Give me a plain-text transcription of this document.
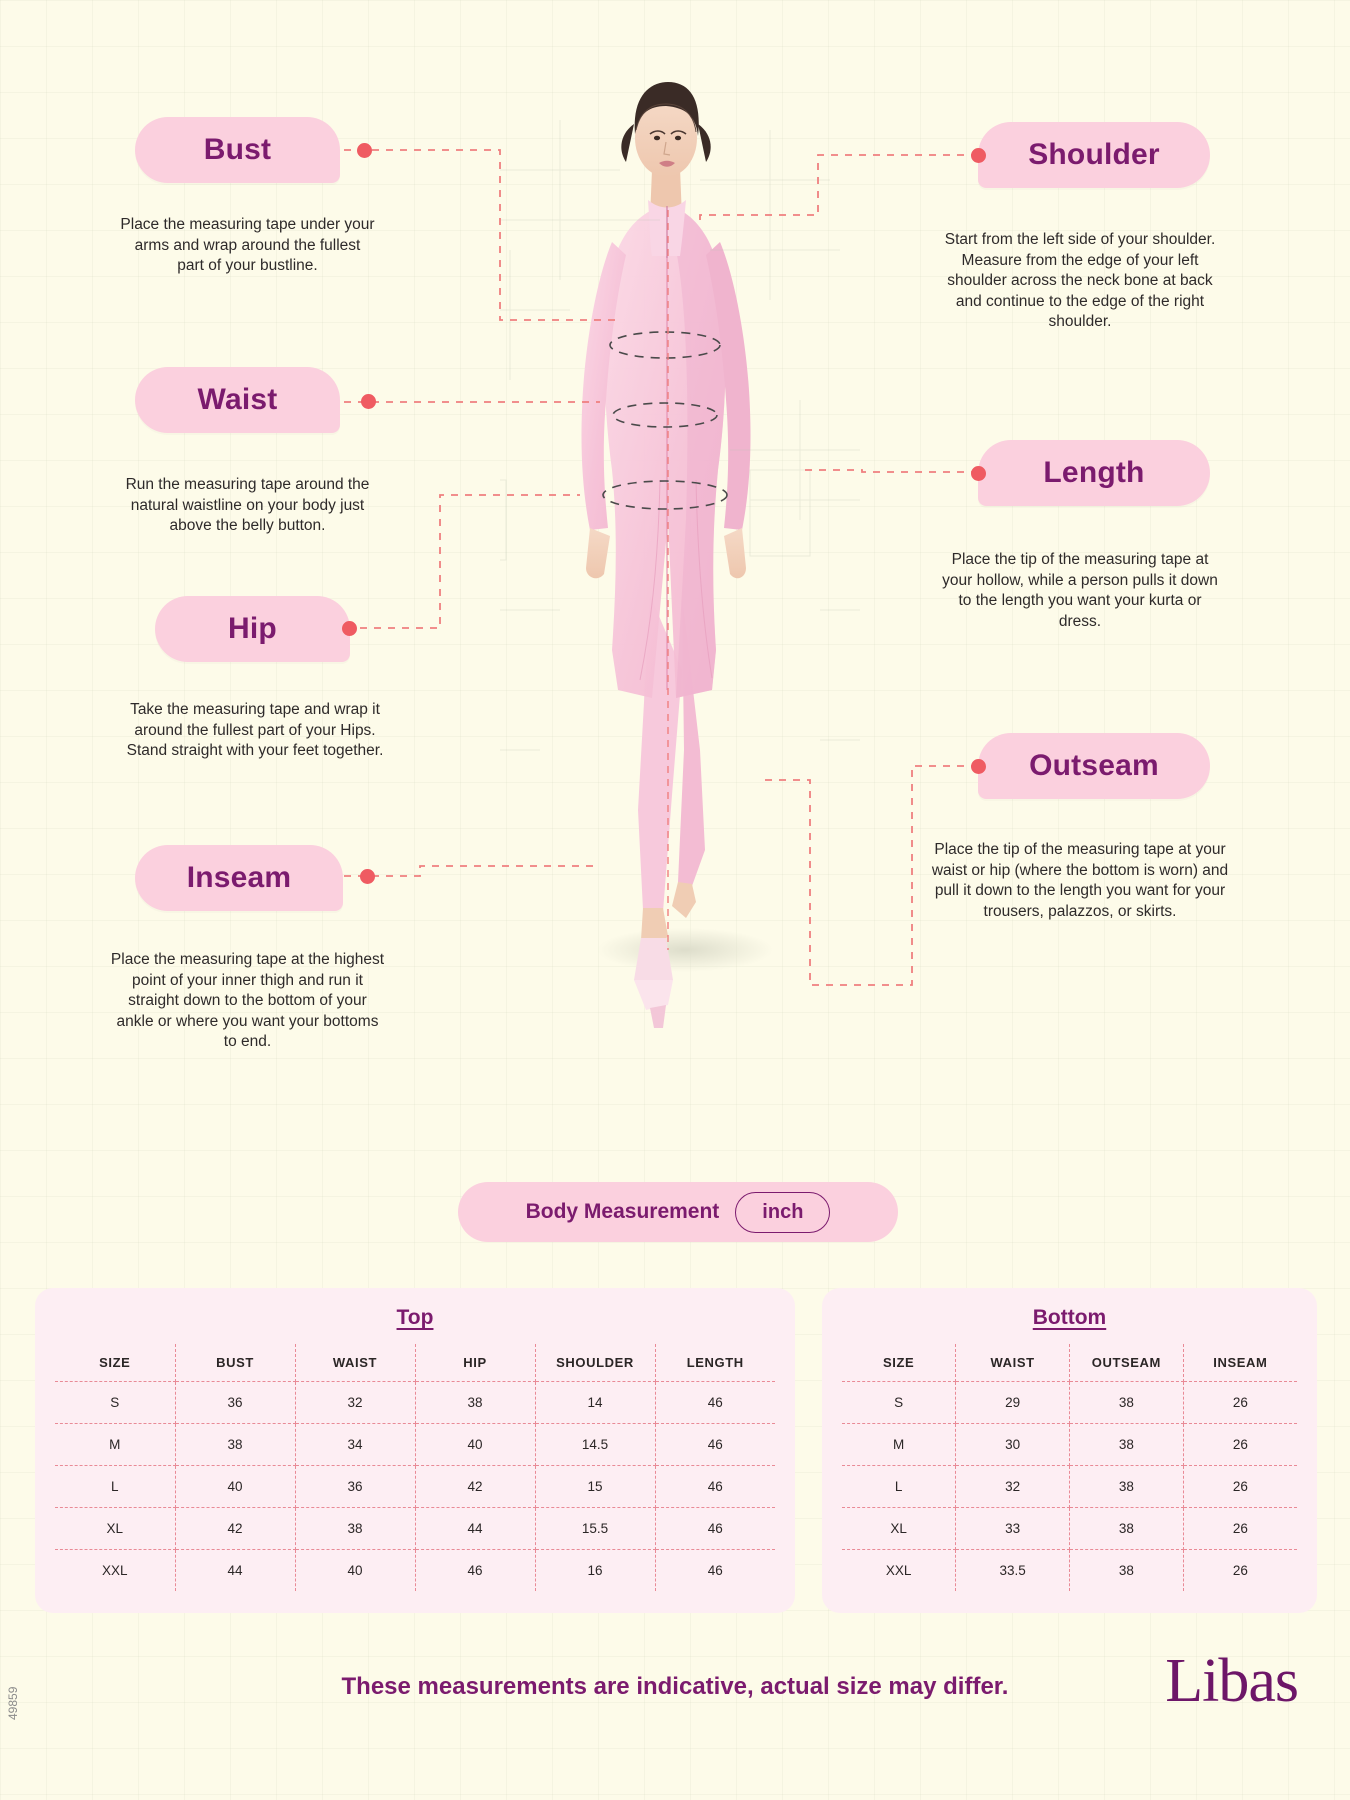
Bust
Place the measuring tape under your arms and wrap around the fullest part of your bustline.
Waist
Run the measuring tape around the natural waistline on your body just above the belly button.
Hip
Take the measuring tape and wrap it around the fullest part of your Hips. Stand straight with your feet together.
Inseam
Place the measuring tape at the highest point of your inner thigh and run it straight down to the bottom of your ankle or where you want your bottoms to end.
Shoulder
Start from the left side of your shoulder. Measure from the edge of your left shoulder across the neck bone at back and continue to the edge of the right shoulder.
Length
Place the tip of the measuring tape at your hollow, while a person pulls it down to the length you want your kurta or dress.
Outseam
Place the tip of the measuring tape at your waist or hip (where the bottom is worn) and pull it down to the length you want for your trousers, palazzos, or skirts.
Body Measurement	inch
Top
SIZE	BUST	WAIST	HIP	SHOULDER	LENGTH
S	36	32	38	14	46
M	38	34	40	14.5	46
L	40	36	42	15	46
XL	42	38	44	15.5	46
XXL	44	40	46	16	46
Bottom
SIZE	WAIST	OUTSEAM	INSEAM
S	29	38	26
M	30	38	26
L	32	38	26
XL	33	38	26
XXL	33.5	38	26
These measurements are indicative, actual size may differ.	Libas
49859
